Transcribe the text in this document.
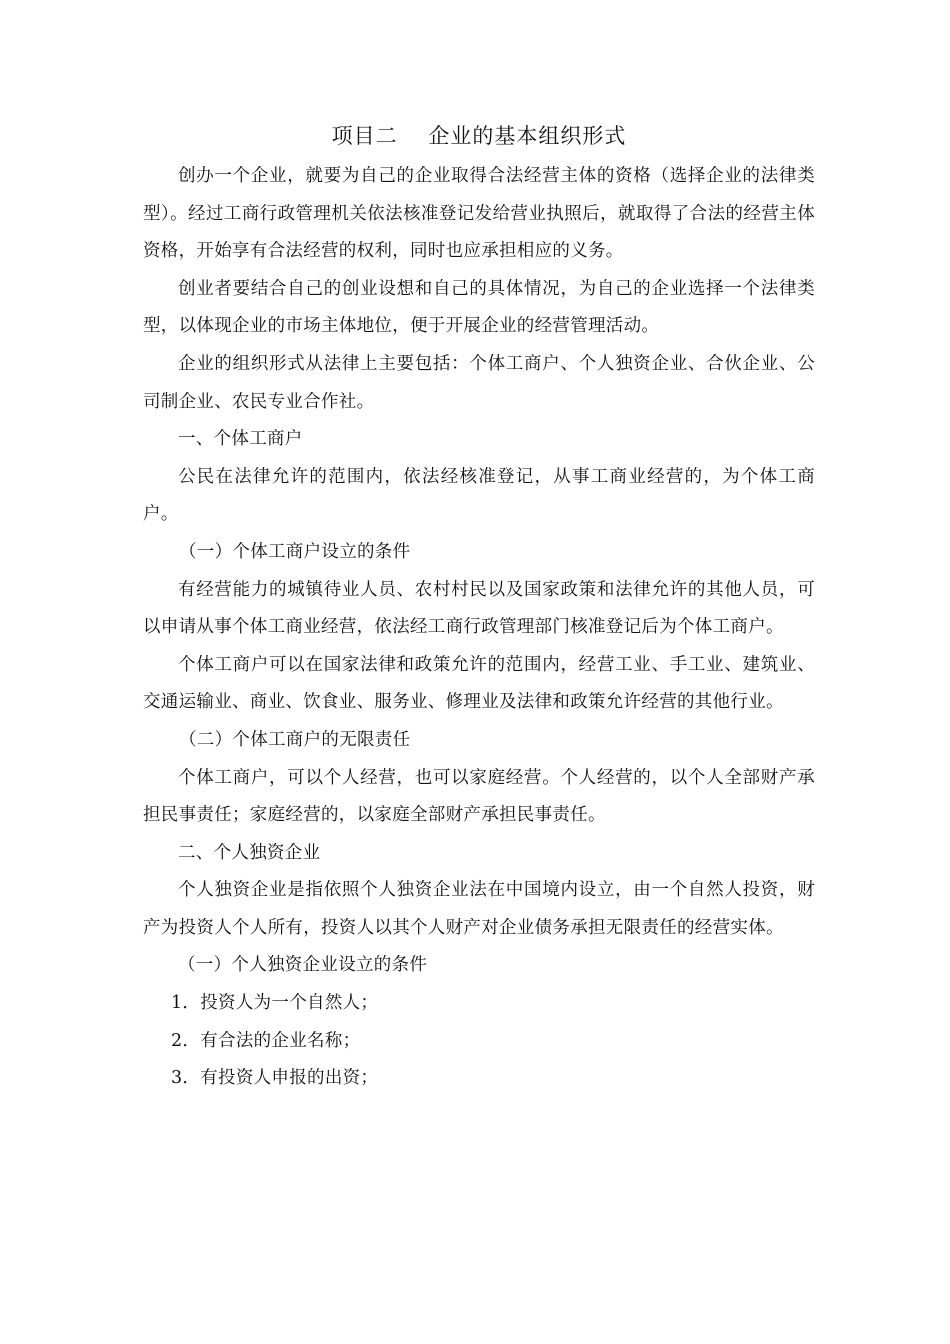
项目二    企业的基本组织形式

创办一个企业，就要为自己的企业取得合法经营主体的资格（选择企业的法律类型）。经过工商行政管理机关依法核准登记发给营业执照后，就取得了合法的经营主体资格，开始享有合法经营的权利，同时也应承担相应的义务。

创业者要结合自己的创业设想和自己的具体情况，为自己的企业选择一个法律类型，以体现企业的市场主体地位，便于开展企业的经营管理活动。

企业的组织形式从法律上主要包括：个体工商户、个人独资企业、合伙企业、公司制企业、农民专业合作社。

一、个体工商户

公民在法律允许的范围内，依法经核准登记，从事工商业经营的，为个体工商户。

（一）个体工商户设立的条件

有经营能力的城镇待业人员、农村村民以及国家政策和法律允许的其他人员，可以申请从事个体工商业经营，依法经工商行政管理部门核准登记后为个体工商户。

个体工商户可以在国家法律和政策允许的范围内，经营工业、手工业、建筑业、交通运输业、商业、饮食业、服务业、修理业及法律和政策允许经营的其他行业。

（二）个体工商户的无限责任

个体工商户，可以个人经营，也可以家庭经营。个人经营的，以个人全部财产承担民事责任；家庭经营的，以家庭全部财产承担民事责任。

二、个人独资企业

个人独资企业是指依照个人独资企业法在中国境内设立，由一个自然人投资，财产为投资人个人所有，投资人以其个人财产对企业债务承担无限责任的经营实体。

（一）个人独资企业设立的条件

1．投资人为一个自然人；

2．有合法的企业名称；

3．有投资人申报的出资；
